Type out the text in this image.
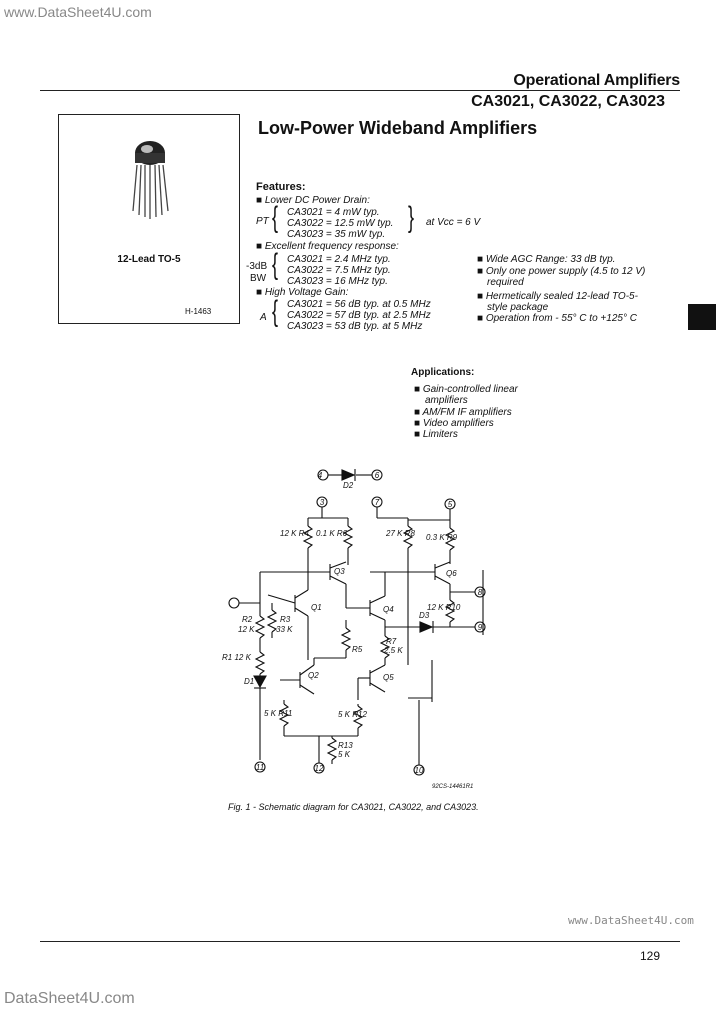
www.DataSheet4U.com
www.DataSheet4U.com
DataSheet4U.com
Operational Amplifiers
CA3021, CA3022, CA3023
Low-Power Wideband Amplifiers
12-Lead TO-5
H-1463
Features:
■ Lower DC Power Drain:
PT { CA3021 = 4 mW typ.
CA3022 = 12.5 mW typ.
CA3023 = 35 mW typ.
} at Vcc = 6 V
■ Excellent frequency response:
-3dB
BW { CA3021 = 2.4 MHz typ.
CA3022 = 7.5 MHz typ.
CA3023 = 16 MHz typ.
■ High Voltage Gain:
A { CA3021 = 56 dB typ. at 0.5 MHz
CA3022 = 57 dB typ. at 2.5 MHz
CA3023 = 53 dB typ. at 5 MHz
■ Wide AGC Range: 33 dB typ.
■ Only one power supply (4.5 to 12 V)
required
■ Hermetically sealed 12-lead TO-5-
style package
■ Operation from - 55° C to +125° C
Applications:
■ Gain-controlled linear
amplifiers
■ AM/FM IF amplifiers
■ Video amplifiers
■ Limiters
4	6
D2
3	7	5
8
9
11	12	10
12 K R4 0.1 K R6	27 K R8 0.3 K R9
12 K R10
R2
12 K
R3
33 K
R7
2.5 K
R5
R1 12 K
5 K R11	5 K R12
R13
5 K
D1
D3
Q1
Q2
Q3
Q4
Q5
Q6
92CS-14461R1
Fig. 1 - Schematic diagram for CA3021, CA3022, and CA3023.
129
